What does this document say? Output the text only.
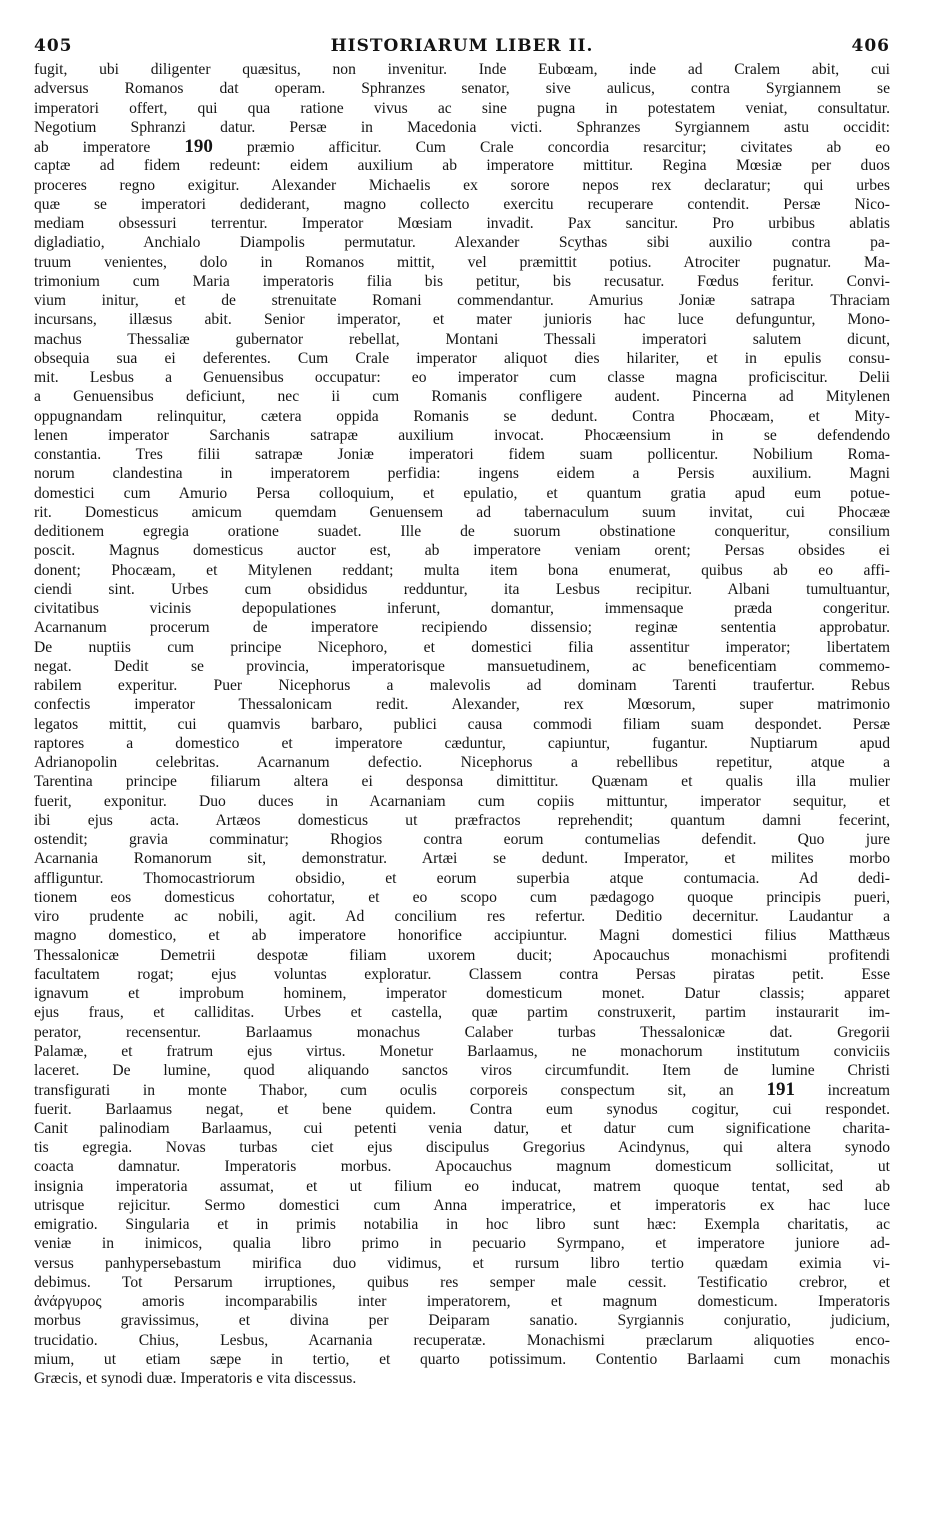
405	HISTORIARUM LIBER II.	406
fugit, ubi diligenter quæsitus, non invenitur. Inde Eubœam, inde ad Cralem abit, cui
adversus Romanos dat operam. Sphranzes senator, sive aulicus, contra Syrgiannem se
imperatori offert, qui qua ratione vivus ac sine pugna in potestatem veniat, consultatur.
Negotium Sphranzi datur. Persæ in Macedonia victi. Sphranzes Syrgiannem astu occidit:
ab imperatore 190 præmio afficitur. Cum Crale concordia resarcitur; civitates ab eo
captæ ad fidem redeunt: eidem auxilium ab imperatore mittitur. Regina Mœsiæ per duos
proceres regno exigitur. Alexander Michaelis ex sorore nepos rex declaratur; qui urbes
quæ se imperatori dediderant, magno collecto exercitu recuperare contendit. Persæ Nico-
mediam obsessuri terrentur. Imperator Mœsiam invadit. Pax sancitur. Pro urbibus ablatis
digladiatio, Anchialo Diampolis permutatur. Alexander Scythas sibi auxilio contra pa-
truum venientes, dolo in Romanos mittit, vel præmittit potius. Atrociter pugnatur. Ma-
trimonium cum Maria imperatoris filia bis petitur, bis recusatur. Fœdus feritur. Convi-
vium initur, et de strenuitate Romani commendantur. Amurius Joniæ satrapa Thraciam
incursans, illæsus abit. Senior imperator, et mater junioris hac luce defunguntur, Mono-
machus Thessaliæ gubernator rebellat, Montani Thessali imperatori salutem dicunt,
obsequia sua ei deferentes. Cum Crale imperator aliquot dies hilariter, et in epulis consu-
mit. Lesbus a Genuensibus occupatur: eo imperator cum classe magna proficiscitur. Delii
a Genuensibus deficiunt, nec ii cum Romanis confligere audent. Pincerna ad Mitylenen
oppugnandam relinquitur, cætera oppida Romanis se dedunt. Contra Phocæam, et Mity-
lenen imperator Sarchanis satrapæ auxilium invocat. Phocæensium in se defendendo
constantia. Tres filii satrapæ Joniæ imperatori fidem suam pollicentur. Nobilium Roma-
norum clandestina in imperatorem perfidia: ingens eidem a Persis auxilium. Magni
domestici cum Amurio Persa colloquium, et epulatio, et quantum gratia apud eum potue-
rit. Domesticus amicum quemdam Genuensem ad tabernaculum suum invitat, cui Phocææ
deditionem egregia oratione suadet. Ille de suorum obstinatione conqueritur, consilium
poscit. Magnus domesticus auctor est, ab imperatore veniam orent; Persas obsides ei
donent; Phocæam, et Mitylenen reddant; multa item bona enumerat, quibus ab eo affi-
ciendi sint. Urbes cum obsididus redduntur, ita Lesbus recipitur. Albani tumultuantur,
civitatibus vicinis depopulationes inferunt, domantur, immensaque præda congeritur.
Acarnanum procerum de imperatore recipiendo dissensio; reginæ sententia approbatur.
De nuptiis cum principe Nicephoro, et domestici filia assentitur imperator; libertatem
negat. Dedit se provincia, imperatorisque mansuetudinem, ac beneficentiam commemo-
rabilem experitur. Puer Nicephorus a malevolis ad dominam Tarenti traufertur. Rebus
confectis imperator Thessalonicam redit. Alexander, rex Mœsorum, super matrimonio
legatos mittit, cui quamvis barbaro, publici causa commodi filiam suam despondet. Persæ
raptores a domestico et imperatore cæduntur, capiuntur, fugantur. Nuptiarum apud
Adrianopolin celebritas. Acarnanum defectio. Nicephorus a rebellibus repetitur, atque a
Tarentina principe filiarum altera ei desponsa dimittitur. Quænam et qualis illa mulier
fuerit, exponitur. Duo duces in Acarnaniam cum copiis mittuntur, imperator sequitur, et
ibi ejus acta. Artæos domesticus ut præfractos reprehendit; quantum damni fecerint,
ostendit; gravia comminatur; Rhogios contra eorum contumelias defendit. Quo jure
Acarnania Romanorum sit, demonstratur. Artæi se dedunt. Imperator, et milites morbo
affliguntur. Thomocastriorum obsidio, et eorum superbia atque contumacia. Ad dedi-
tionem eos domesticus cohortatur, et eo scopo cum pædagogo quoque principis pueri,
viro prudente ac nobili, agit. Ad concilium res refertur. Deditio decernitur. Laudantur a
magno domestico, et ab imperatore honorifice accipiuntur. Magni domestici filius Matthæus
Thessalonicæ Demetrii despotæ filiam uxorem ducit; Apocauchus monachismi profitendi
facultatem rogat; ejus voluntas exploratur. Classem contra Persas piratas petit. Esse
ignavum et improbum hominem, imperator domesticum monet. Datur classis; apparet
ejus fraus, et calliditas. Urbes et castella, quæ partim construxerit, partim instaurarit im-
perator, recensentur. Barlaamus monachus Calaber turbas Thessalonicæ dat. Gregorii
Palamæ, et fratrum ejus virtus. Monetur Barlaamus, ne monachorum institutum conviciis
laceret. De lumine, quod aliquando sanctos viros circumfundit. Item de lumine Christi
transfigurati in monte Thabor, cum oculis corporeis conspectum sit, an 191 increatum
fuerit. Barlaamus negat, et bene quidem. Contra eum synodus cogitur, cui respondet.
Canit palinodiam Barlaamus, cui petenti venia datur, et datur cum significatione charita-
tis egregia. Novas turbas ciet ejus discipulus Gregorius Acindynus, qui altera synodo
coacta damnatur. Imperatoris morbus. Apocauchus magnum domesticum sollicitat, ut
insignia imperatoria assumat, et ut filium eo inducat, matrem quoque tentat, sed ab
utrisque rejicitur. Sermo domestici cum Anna imperatrice, et imperatoris ex hac luce
emigratio. Singularia et in primis notabilia in hoc libro sunt hæc: Exempla charitatis, ac
veniæ in inimicos, qualia libro primo in pecuario Syrmpano, et imperatore juniore ad-
versus panhypersebastum mirifica duo vidimus, et rursum libro tertio quædam eximia vi-
debimus. Tot Persarum irruptiones, quibus res semper male cessit. Testificatio crebror, et
ἀνάργυρος amoris incomparabilis inter imperatorem, et magnum domesticum. Imperatoris
morbus gravissimus, et divina per Deiparam sanatio. Syrgiannis conjuratio, judicium,
trucidatio. Chius, Lesbus, Acarnania recuperatæ. Monachismi præclarum aliquoties enco-
mium, ut etiam sæpe in tertio, et quarto potissimum. Contentio Barlaami cum monachis
Græcis, et synodi duæ. Imperatoris e vita discessus.
